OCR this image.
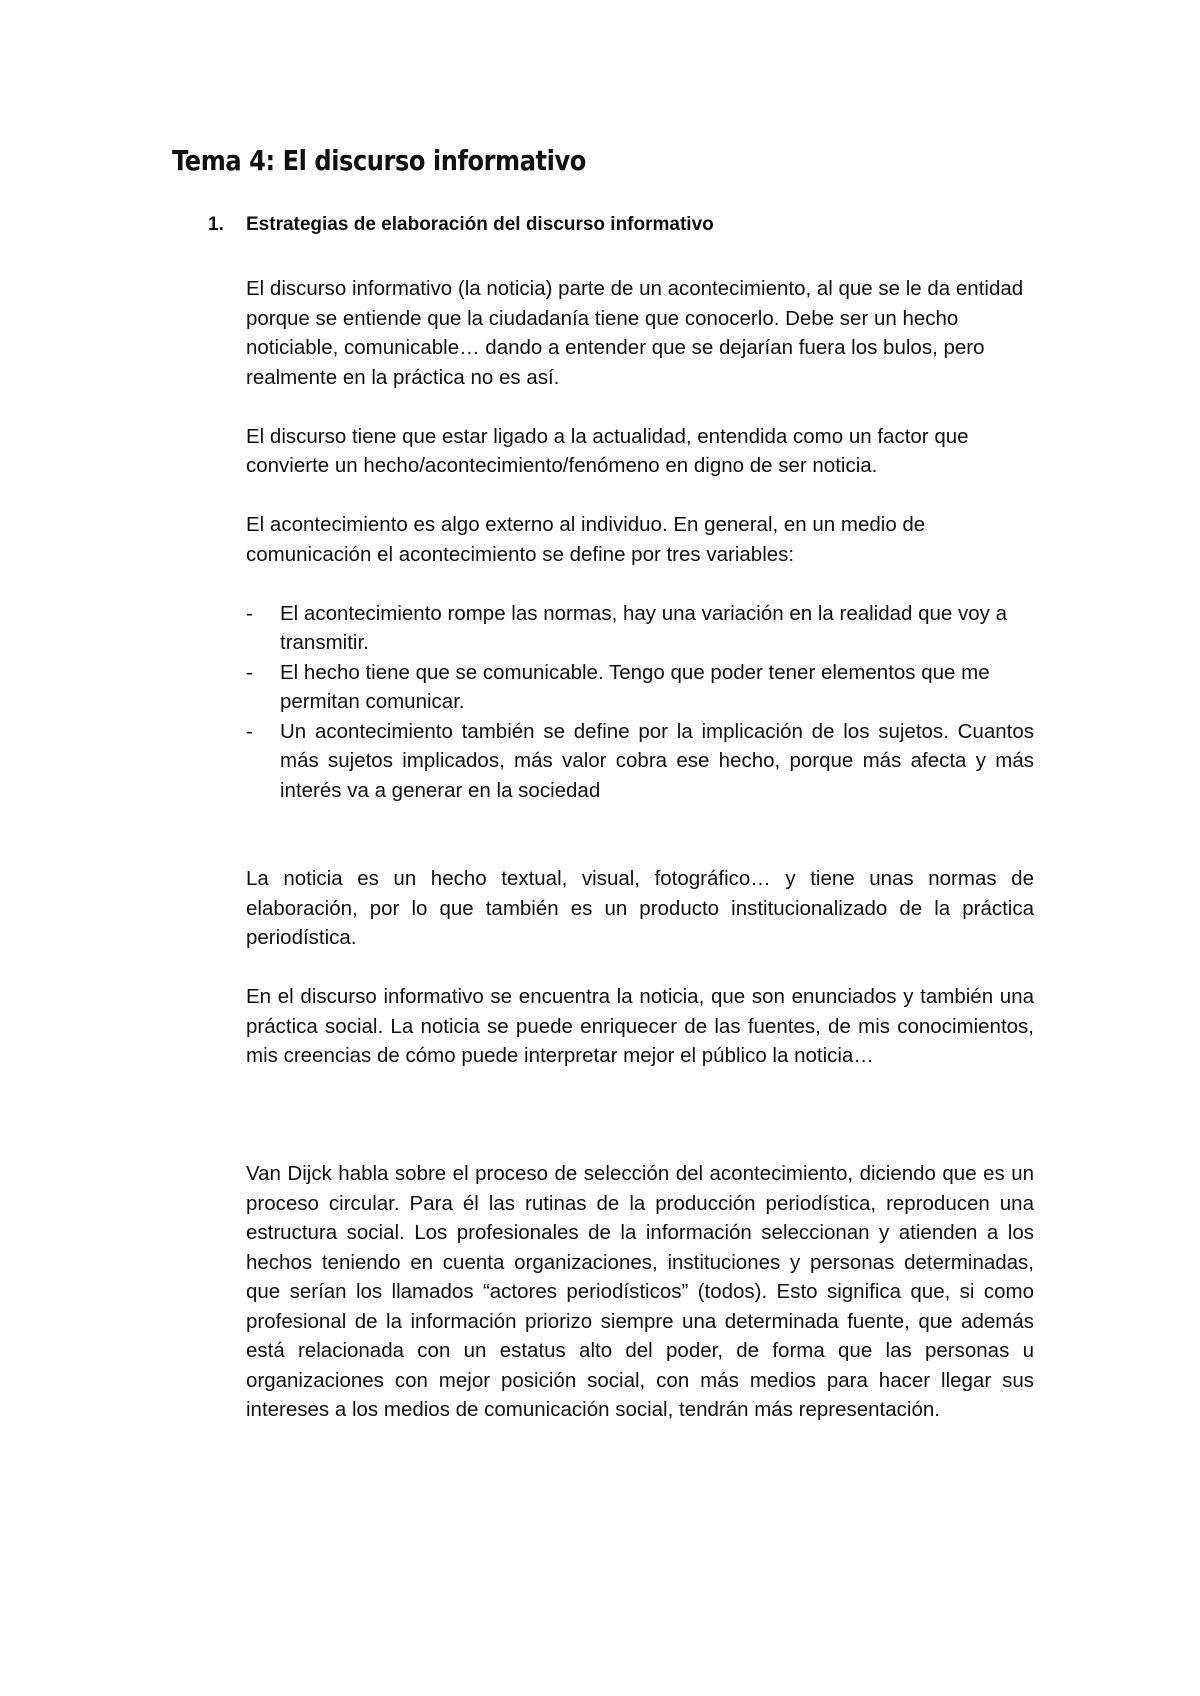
Tema 4: El discurso informativo
1. Estrategias de elaboración del discurso informativo

El discurso informativo (la noticia) parte de un acontecimiento, al que se le da entidad porque se entiende que la ciudadanía tiene que conocerlo. Debe ser un hecho noticiable, comunicable… dando a entender que se dejarían fuera los bulos, pero realmente en la práctica no es así.

El discurso tiene que estar ligado a la actualidad, entendida como un factor que convierte un hecho/acontecimiento/fenómeno en digno de ser noticia.

El acontecimiento es algo externo al individuo. En general, en un medio de comunicación el acontecimiento se define por tres variables:

- El acontecimiento rompe las normas, hay una variación en la realidad que voy a transmitir.
- El hecho tiene que se comunicable. Tengo que poder tener elementos que me permitan comunicar.
- Un acontecimiento también se define por la implicación de los sujetos. Cuantos más sujetos implicados, más valor cobra ese hecho, porque más afecta y más interés va a generar en la sociedad

La noticia es un hecho textual, visual, fotográfico… y tiene unas normas de elaboración, por lo que también es un producto institucionalizado de la práctica periodística.

En el discurso informativo se encuentra la noticia, que son enunciados y también una práctica social. La noticia se puede enriquecer de las fuentes, de mis conocimientos, mis creencias de cómo puede interpretar mejor el público la noticia…

Van Dijck habla sobre el proceso de selección del acontecimiento, diciendo que es un proceso circular. Para él las rutinas de la producción periodística, reproducen una estructura social. Los profesionales de la información seleccionan y atienden a los hechos teniendo en cuenta organizaciones, instituciones y personas determinadas, que serían los llamados “actores periodísticos” (todos). Esto significa que, si como profesional de la información priorizo siempre una determinada fuente, que además está relacionada con un estatus alto del poder, de forma que las personas u organizaciones con mejor posición social, con más medios para hacer llegar sus intereses a los medios de comunicación social, tendrán más representación.
